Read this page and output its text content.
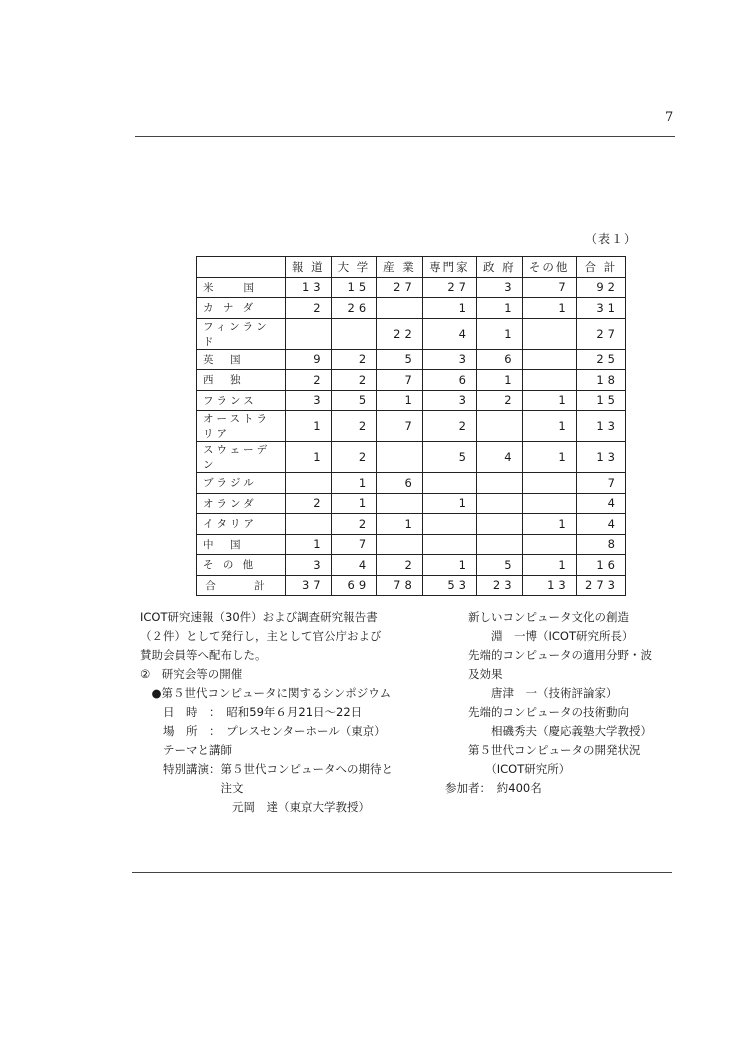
7
（表１）
	報 道	大 学	産 業	専門家	政 府	その他	合 計
米　　国	13	15	27	27	3	7	92
カ ナ ダ	2	26		1	1	1	31
フィンランド			22	4	1		27
英　国	9	2	5	3	6		25
西　独	2	2	7	6	1		18
フランス	3	5	1	3	2	1	15
オーストラリア	1	2	7	2		1	13
スウェーデン	1	2		5	4	1	13
ブラジル		1	6				7
オランダ	2	1		1			4
イタリア		2	1			1	4
中　国	1	7					8
そ の 他	3	4	2	1	5	1	16
合　計	37	69	78	53	23	13	273
ICOT研究速報（30件）および調査研究報告書
（２件）として発行し，主として官公庁および
賛助会員等へ配布した。
②　研究会等の開催
　●第５世代コンピュータに関するシンポジウム
　　日　時　：　昭和59年６月21日〜22日
　　場　所　：　プレスセンターホール（東京）
　　テーマと講師
　　特別講演：第５世代コンピュータへの期待と
　　　　　　　注文
　　　　　　　　元岡　達（東京大学教授）
　　新しいコンピュータ文化の創造
　　　　淵　一博（ICOT研究所長）
　　先端的コンピュータの適用分野・波
　　及効果
　　　　唐津　一（技術評論家）
　　先端的コンピュータの技術動向
　　　　相磯秀夫（慶応義塾大学教授）
　　第５世代コンピュータの開発状況
　　　　（ICOT研究所）
参加者：　約400名
